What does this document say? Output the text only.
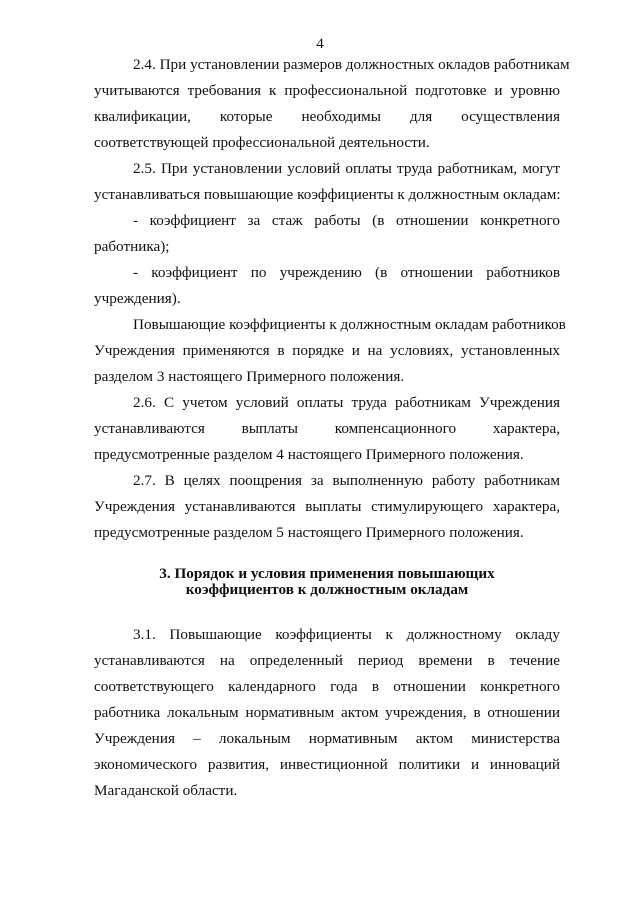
4
2.4. При установлении размеров должностных окладов работникам
учитываются требования к профессиональной подготовке и уровню
квалификации, которые необходимы для осуществления
соответствующей профессиональной деятельности.
2.5. При установлении условий оплаты труда работникам, могут
устанавливаться повышающие коэффициенты к должностным окладам:
- коэффициент за стаж работы (в отношении конкретного
работника);
- коэффициент по учреждению (в отношении работников
учреждения).
Повышающие коэффициенты к должностным окладам работников
Учреждения применяются в порядке и на условиях, установленных
разделом 3 настоящего Примерного положения.
2.6. С учетом условий оплаты труда работникам Учреждения
устанавливаются выплаты компенсационного характера,
предусмотренные разделом 4 настоящего Примерного положения.
2.7. В целях поощрения за выполненную работу работникам
Учреждения устанавливаются выплаты стимулирующего характера,
предусмотренные разделом 5 настоящего Примерного положения.
3. Порядок и условия применения повышающих
коэффициентов к должностным окладам
3.1. Повышающие коэффициенты к должностному окладу
устанавливаются на определенный период времени в течение
соответствующего календарного года в отношении конкретного
работника локальным нормативным актом учреждения, в отношении
Учреждения – локальным нормативным актом министерства
экономического развития, инвестиционной политики и инноваций
Магаданской области.
